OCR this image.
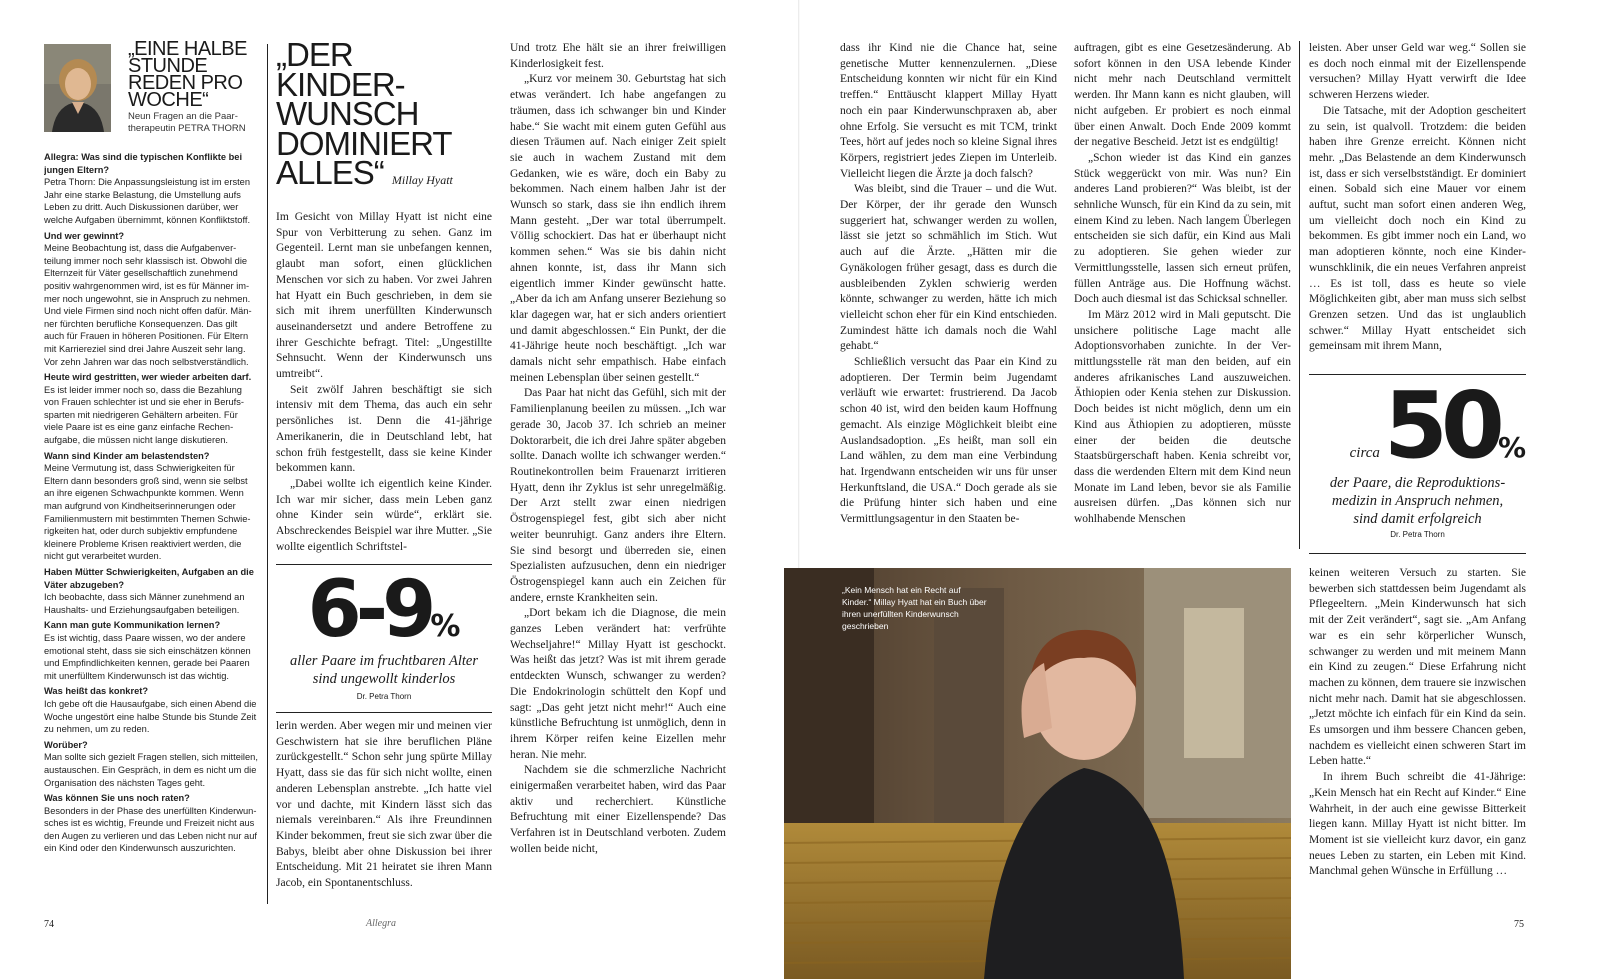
„EINE HALBE STUNDE REDEN PRO WOCHE“
Neun Fragen an die Paartherapeutin PETRA THORN
Allegra: Was sind die typischen Konflikte bei jungen Eltern?
Petra Thorn: Die Anpassungsleistung ist im ersten Jahr eine starke Belastung, die Umstellung aufs Leben zu dritt. Auch Diskussionen darüber, wer welche Aufgaben übernimmt, können Konfliktstoff.
Und wer gewinnt?
Meine Beobachtung ist, dass die Aufgabenverteilung immer noch sehr klassisch ist. Obwohl die Elternzeit für Väter gesellschaftlich zunehmend positiv wahrgenommen wird, ist es für Männer immer noch ungewohnt, sie in Anspruch zu nehmen. Und viele Firmen sind noch nicht offen dafür. Männer fürchten berufliche Konsequenzen. Das gilt auch für Frauen in höheren Positionen. Für Eltern mit Karriereziel sind drei Jahre Auszeit sehr lang. Vor zehn Jahren war das noch selbstverständlich.
Heute wird gestritten, wer wieder arbeiten darf.
Es ist leider immer noch so, dass die Bezahlung von Frauen schlechter ist und sie eher in Berufssparten mit niedrigeren Gehältern arbeiten. Für viele Paare ist es eine ganz einfache Rechenaufgabe, die müssen nicht lange diskutieren.
Wann sind Kinder am belastendsten?
Meine Vermutung ist, dass Schwierigkeiten für Eltern dann besonders groß sind, wenn sie selbst an ihre eigenen Schwachpunkte kommen. Wenn man aufgrund von Kindheitserinnerungen oder Familienmustern mit bestimmten Themen Schwierigkeiten hat, oder durch subjektiv empfundene kleinere Probleme Krisen reaktiviert werden, die nicht gut verarbeitet wurden.
Haben Mütter Schwierigkeiten, Aufgaben an die Väter abzugeben?
Ich beobachte, dass sich Männer zunehmend an Haushalts- und Erziehungsaufgaben beteiligen.
Kann man gute Kommunikation lernen?
Es ist wichtig, dass Paare wissen, wo der andere emotional steht, dass sie sich einschätzen können und Empfindlichkeiten kennen, gerade bei Paaren mit unerfülltem Kinderwunsch ist das wichtig.
Was heißt das konkret?
Ich gebe oft die Hausaufgabe, sich einen Abend die Woche ungestört eine halbe Stunde bis Stunde Zeit zu nehmen, um zu reden.
Worüber?
Man sollte sich gezielt Fragen stellen, sich mitteilen, austauschen. Ein Gespräch, in dem es nicht um die Organisation des nächsten Tages geht.
Was können Sie uns noch raten?
Besonders in der Phase des unerfüllten Kinderwunsches ist es wichtig, Freunde und Freizeit nicht aus den Augen zu verlieren und das Leben nicht nur auf ein Kind oder den Kinderwunsch auszurichten.
„DER
KINDER-
WUNSCH
DOMINIERT
ALLES“ Millay Hyatt

Im Gesicht von Millay Hyatt ist nicht eine Spur von Verbitterung zu sehen. Ganz im Gegenteil. Lernt man sie unbefangen kennen, glaubt man sofort, einen glücklichen Menschen vor sich zu haben. Vor zwei Jahren hat Hyatt ein Buch geschrieben, in dem sie sich mit ihrem unerfüllten Kinderwunsch auseinandersetzt und andere Betroffene zu ihrer Geschichte befragt. Titel: „Ungestillte Sehnsucht. Wenn der Kinderwunsch uns umtreibt“.

Seit zwölf Jahren beschäftigt sie sich intensiv mit dem Thema, das auch ein sehr persönliches ist. Denn die 41-jährige Amerikanerin, die in Deutschland lebt, hat schon früh festgestellt, dass sie keine Kinder bekommen kann.

„Dabei wollte ich eigentlich keine Kinder. Ich war mir sicher, dass mein Leben ganz ohne Kinder sein würde“, erklärt sie. Abschreckendes Beispiel war ihre Mutter. „Sie wollte eigentlich Schriftstel-

6-9%
aller Paare im fruchtbaren Alter
sind ungewollt kinderlos
Dr. Petra Thorn

lerin werden. Aber wegen mir und meinen vier Geschwistern hat sie ihre beruflichen Pläne zurückgestellt.“ Schon sehr jung spürte Millay Hyatt, dass sie das für sich nicht wollte, einen anderen Lebensplan anstrebte. „Ich hatte viel vor und dachte, mit Kindern lässt sich das niemals vereinbaren.“ Als ihre Freundinnen Kinder bekommen, freut sie sich zwar über die Babys, bleibt aber ohne Diskussion bei ihrer Entscheidung. Mit 21 heiratet sie ihren Mann Jacob, ein Spontanentschluss.

Und trotz Ehe hält sie an ihrer freiwilligen Kinderlosigkeit fest.

„Kurz vor meinem 30. Geburtstag hat sich etwas verändert. Ich habe angefangen zu träumen, dass ich schwanger bin und Kinder habe.“ Sie wacht mit einem guten Gefühl aus diesen Träumen auf. Nach einiger Zeit spielt sie auch in wachem Zustand mit dem Gedanken, wie es wäre, doch ein Baby zu bekommen. Nach einem halben Jahr ist der Wunsch so stark, dass sie ihn endlich ihrem Mann gesteht. „Der war total überrumpelt. Völlig schockiert. Das hat er überhaupt nicht kommen sehen.“ Was sie bis dahin nicht ahnen konnte, ist, dass ihr Mann sich eigentlich immer Kinder gewünscht hatte. „Aber da ich am Anfang unserer Beziehung so klar dagegen war, hat er sich anders orientiert und damit abgeschlossen.“ Ein Punkt, der die 41-Jährige heute noch beschäftigt. „Ich war damals nicht sehr empathisch. Habe einfach meinen Lebensplan über seinen gestellt.“

Das Paar hat nicht das Gefühl, sich mit der Familienplanung beeilen zu müssen. „Ich war gerade 30, Jacob 37. Ich schrieb an meiner Doktorarbeit, die ich drei Jahre später abgeben sollte. Danach wollte ich schwanger werden.“ Routinekontrollen beim Frauenarzt irritieren Hyatt, denn ihr Zyklus ist sehr unregelmäßig. Der Arzt stellt zwar einen niedrigen Östrogenspiegel fest, gibt sich aber nicht weiter beunruhigt. Ganz anders ihre Eltern. Sie sind besorgt und überreden sie, einen Spezialisten aufzusuchen, denn ein niedriger Östrogenspiegel kann auch ein Zeichen für andere, ernste Krankheiten sein.

„Dort bekam ich die Diagnose, die mein ganzes Leben verändert hat: verfrühte Wechseljahre!“ Millay Hyatt ist geschockt. Was heißt das jetzt? Was ist mit ihrem gerade entdeckten Wunsch, schwanger zu werden? Die Endokrinologin schüttelt den Kopf und sagt: „Das geht jetzt nicht mehr!“ Auch eine künstliche Befruchtung ist unmöglich, denn in ihrem Körper reifen keine Eizellen mehr heran. Nie mehr.

Nachdem sie die schmerzliche Nachricht einigermaßen verarbeitet haben, wird das Paar aktiv und recherchiert. Künstliche Befruchtung mit einer Eizellenspende? Das Verfahren ist in Deutschland verboten. Zudem wollen beide nicht,

74	Allegra

dass ihr Kind nie die Chance hat, seine genetische Mutter kennenzulernen. „Diese Entscheidung konnten wir nicht für ein Kind treffen.“ Enttäuscht klappert Millay Hyatt noch ein paar Kinderwunschpraxen ab, aber ohne Erfolg. Sie versucht es mit TCM, trinkt Tees, hört auf jedes noch so kleine Signal ihres Körpers, registriert jedes Ziepen im Unterleib. Vielleicht liegen die Ärzte ja doch falsch?

Was bleibt, sind die Trauer – und die Wut. Der Körper, der ihr gerade den Wunsch suggeriert hat, schwanger werden zu wollen, lässt sie jetzt so schmählich im Stich. Wut auch auf die Ärzte. „Hätten mir die Gynäkologen früher gesagt, dass es durch die ausbleibenden Zyklen schwierig werden könnte, schwanger zu werden, hätte ich mich vielleicht schon eher für ein Kind entschieden. Zumindest hätte ich damals noch die Wahl gehabt.“

Schließlich versucht das Paar ein Kind zu adoptieren. Der Termin beim Jugendamt verläuft wie erwartet: frustrierend. Da Jacob schon 40 ist, wird den beiden kaum Hoffnung gemacht. Als einzige Möglichkeit bleibt eine Auslandsadoption. „Es heißt, man soll ein Land wählen, zu dem man eine Verbindung hat. Irgendwann entscheiden wir uns für unser Herkunftsland, die USA.“ Doch gerade als sie die Prüfung hinter sich haben und eine Vermittlungsagentur in den Staaten be-

auftragen, gibt es eine Gesetzesänderung. Ab sofort können in den USA lebende Kinder nicht mehr nach Deutschland vermittelt werden. Ihr Mann kann es nicht glauben, will nicht aufgeben. Er probiert es noch einmal über einen Anwalt. Doch Ende 2009 kommt der negative Bescheid. Jetzt ist es endgültig!

„Schon wieder ist das Kind ein ganzes Stück weggerückt von mir. Was nun? Ein anderes Land probieren?“ Was bleibt, ist der sehnliche Wunsch, für ein Kind da zu sein, mit einem Kind zu leben. Nach langem Überlegen entscheiden sie sich dafür, ein Kind aus Mali zu adoptieren. Sie gehen wieder zur Vermittlungsstelle, lassen sich erneut prüfen, füllen Anträge aus. Die Hoffnung wächst. Doch auch diesmal ist das Schicksal schneller.

Im März 2012 wird in Mali geputscht. Die unsichere politische Lage macht alle Adoptionsvorhaben zunichte. In der Vermittlungsstelle rät man den beiden, auf ein anderes afrikanisches Land auszuweichen. Äthiopien oder Kenia stehen zur Diskussion. Doch beides ist nicht möglich, denn um ein Kind aus Äthiopien zu adoptieren, müsste einer der beiden die deutsche Staatsbürgerschaft haben. Kenia schreibt vor, dass die werdenden Eltern mit dem Kind neun Monate im Land leben, bevor sie als Familie ausreisen dürfen. „Das können sich nur wohlhabende Menschen

leisten. Aber unser Geld war weg.“ Sollen sie es doch noch einmal mit der Eizellenspende versuchen? Millay Hyatt verwirft die Idee schweren Herzens wieder.

Die Tatsache, mit der Adoption gescheitert zu sein, ist qualvoll. Trotzdem: die beiden haben ihre Grenze erreicht. Können nicht mehr. „Das Belastende an dem Kinderwunsch ist, dass er sich verselbstständigt. Er dominiert einen. Sobald sich eine Mauer vor einem auftut, sucht man sofort einen anderen Weg, um vielleicht doch noch ein Kind zu bekommen. Es gibt immer noch ein Land, wo man adoptieren könnte, noch eine Kinderwunschklinik, die ein neues Verfahren anpreist … Es ist toll, dass es heute so viele Möglichkeiten gibt, aber man muss sich selbst Grenzen setzen. Und das ist unglaublich schwer.“ Millay Hyatt entscheidet sich gemeinsam mit ihrem Mann,

circa50%
der Paare, die Reproduktions-
medizin in Anspruch nehmen,
sind damit erfolgreich
Dr. Petra Thorn
„Kein Mensch hat ein Recht auf Kinder.“ Millay Hyatt hat ein Buch über ihren unerfüllten Kinderwunsch geschrieben

keinen weiteren Versuch zu starten. Sie bewerben sich stattdessen beim Jugendamt als Pflegeeltern. „Mein Kinderwunsch hat sich mit der Zeit verändert“, sagt sie. „Am Anfang war es ein sehr körperlicher Wunsch, schwanger zu werden und mit meinem Mann ein Kind zu zeugen.“ Diese Erfahrung nicht machen zu können, dem trauere sie inzwischen nicht mehr nach. Damit hat sie abgeschlossen. „Jetzt möchte ich einfach für ein Kind da sein. Es umsorgen und ihm bessere Chancen geben, nachdem es vielleicht einen schweren Start im Leben hatte.“

In ihrem Buch schreibt die 41-Jährige: „Kein Mensch hat ein Recht auf Kinder.“ Eine Wahrheit, in der auch eine gewisse Bitterkeit liegen kann. Millay Hyatt ist nicht bitter. Im Moment ist sie vielleicht kurz davor, ein ganz neues Leben zu starten, ein Leben mit Kind. Manchmal gehen Wünsche in Erfüllung …

75
